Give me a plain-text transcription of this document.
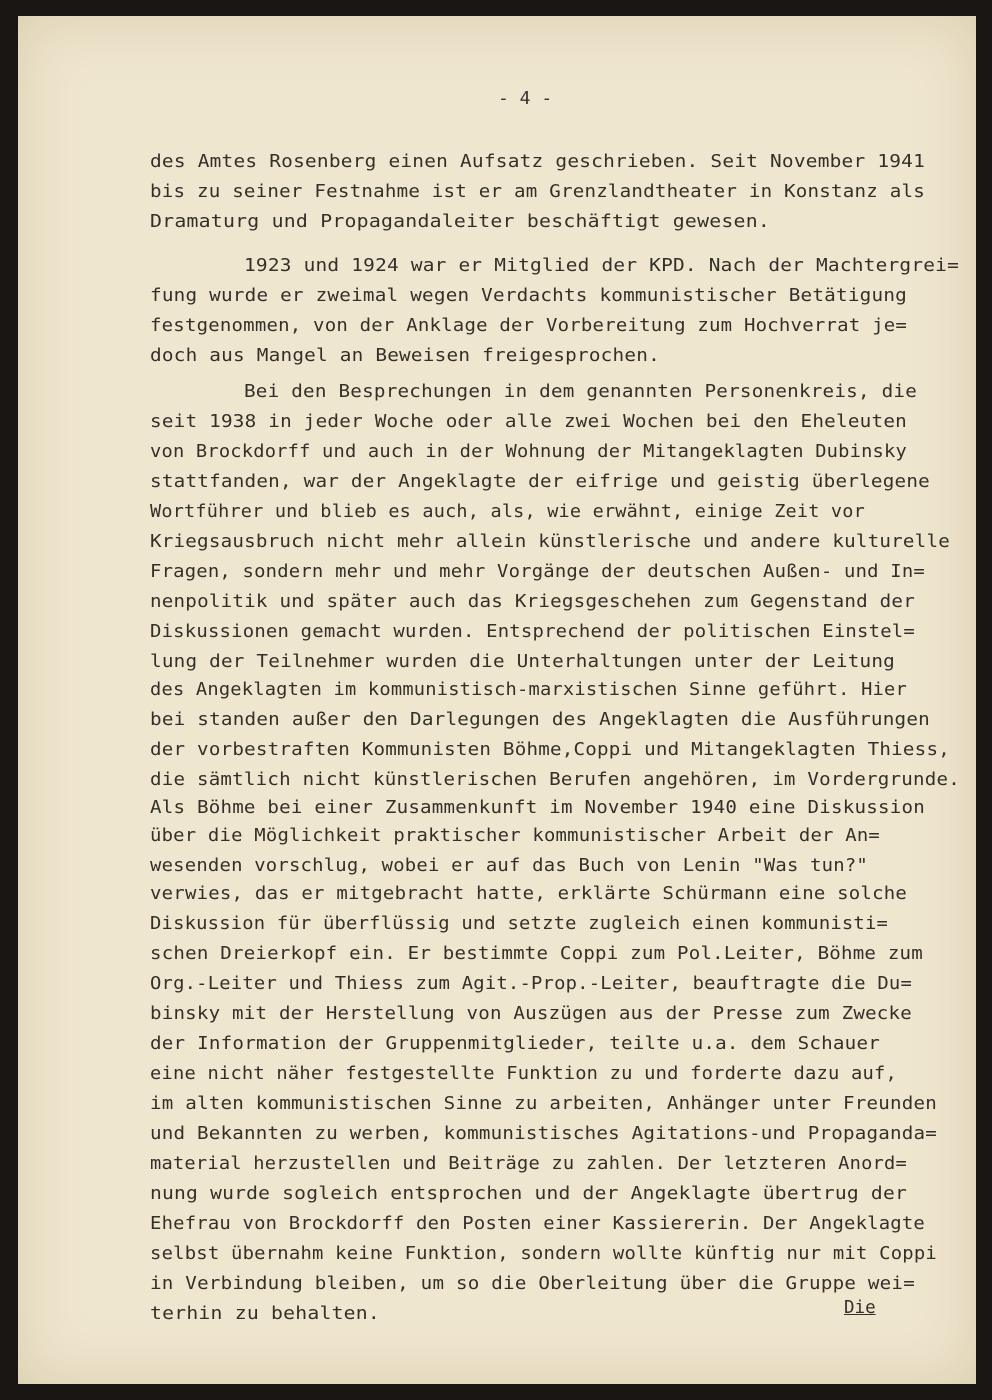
- 4 -
des Amtes Rosenberg einen Aufsatz geschrieben. Seit November 1941
bis zu seiner Festnahme ist er am Grenzlandtheater in Konstanz als
Dramaturg und Propagandaleiter beschäftigt gewesen.
1923 und 1924 war er Mitglied der KPD. Nach der Machtergrei=
fung wurde er zweimal wegen Verdachts kommunistischer Betätigung
festgenommen, von der Anklage der Vorbereitung zum Hochverrat je=
doch aus Mangel an Beweisen freigesprochen.
Bei den Besprechungen in dem genannten Personenkreis, die
seit 1938 in jeder Woche oder alle zwei Wochen bei den Eheleuten
von Brockdorff und auch in der Wohnung der Mitangeklagten Dubinsky
stattfanden, war der Angeklagte der eifrige und geistig überlegene
Wortführer und blieb es auch, als, wie erwähnt, einige Zeit vor
Kriegsausbruch nicht mehr allein künstlerische und andere kulturelle
Fragen, sondern mehr und mehr Vorgänge der deutschen Außen- und In=
nenpolitik und später auch das Kriegsgeschehen zum Gegenstand der
Diskussionen gemacht wurden. Entsprechend der politischen Einstel=
lung der Teilnehmer wurden die Unterhaltungen unter der Leitung
des Angeklagten im kommunistisch-marxistischen Sinne geführt. Hier
bei standen außer den Darlegungen des Angeklagten die Ausführungen
der vorbestraften Kommunisten Böhme,Coppi und Mitangeklagten Thiess,
die sämtlich nicht künstlerischen Berufen angehören, im Vordergrunde.
Als Böhme bei einer Zusammenkunft im November 1940 eine Diskussion
über die Möglichkeit praktischer kommunistischer Arbeit der An=
wesenden vorschlug, wobei er auf das Buch von Lenin "Was tun?"
verwies, das er mitgebracht hatte, erklärte Schürmann eine solche
Diskussion für überflüssig und setzte zugleich einen kommunisti=
schen Dreierkopf ein. Er bestimmte Coppi zum Pol.Leiter, Böhme zum
Org.-Leiter und Thiess zum Agit.-Prop.-Leiter, beauftragte die Du=
binsky mit der Herstellung von Auszügen aus der Presse zum Zwecke
der Information der Gruppenmitglieder, teilte u.a. dem Schauer
eine nicht näher festgestellte Funktion zu und forderte dazu auf,
im alten kommunistischen Sinne zu arbeiten, Anhänger unter Freunden
und Bekannten zu werben, kommunistisches Agitations-und Propaganda=
material herzustellen und Beiträge zu zahlen. Der letzteren Anord=
nung wurde sogleich entsprochen und der Angeklagte übertrug der
Ehefrau von Brockdorff den Posten einer Kassiererin. Der Angeklagte
selbst übernahm keine Funktion, sondern wollte künftig nur mit Coppi
in Verbindung bleiben, um so die Oberleitung über die Gruppe wei=
terhin zu behalten.	Die
